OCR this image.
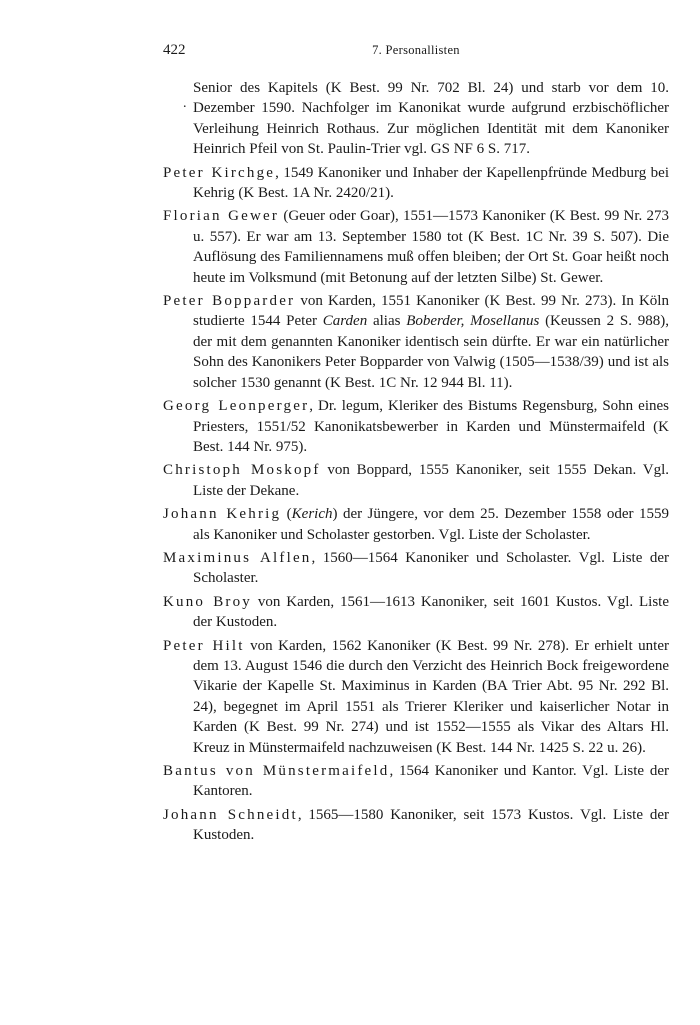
422	7. Personallisten
.

Senior des Kapitels (K Best. 99 Nr. 702 Bl. 24) und starb vor dem 10. Dezember 1590. Nachfolger im Kanonikat wurde aufgrund erzbischöflicher Verleihung Heinrich Rothaus. Zur möglichen Identität mit dem Kanoniker Heinrich Pfeil von St. Paulin-Trier vgl. GS NF 6 S. 717.

Peter Kirchge, 1549 Kanoniker und Inhaber der Kapellenpfründe Medburg bei Kehrig (K Best. 1A Nr. 2420/21).

Florian Gewer (Geuer oder Goar), 1551—1573 Kanoniker (K Best. 99 Nr. 273 u. 557). Er war am 13. September 1580 tot (K Best. 1C Nr. 39 S. 507). Die Auflösung des Familiennamens muß offen bleiben; der Ort St. Goar heißt noch heute im Volksmund (mit Betonung auf der letzten Silbe) St. Gewer.

Peter Bopparder von Karden, 1551 Kanoniker (K Best. 99 Nr. 273). In Köln studierte 1544 Peter Carden alias Boberder, Mosellanus (Keussen 2 S. 988), der mit dem genannten Kanoniker identisch sein dürfte. Er war ein natürlicher Sohn des Kanonikers Peter Bopparder von Valwig (1505—1538/39) und ist als solcher 1530 genannt (K Best. 1C Nr. 12 944 Bl. 11).

Georg Leonperger, Dr. legum, Kleriker des Bistums Regensburg, Sohn eines Priesters, 1551/52 Kanonikatsbewerber in Karden und Münstermaifeld (K Best. 144 Nr. 975).

Christoph Moskopf von Boppard, 1555 Kanoniker, seit 1555 Dekan. Vgl. Liste der Dekane.

Johann Kehrig (Kerich) der Jüngere, vor dem 25. Dezember 1558 oder 1559 als Kanoniker und Scholaster gestorben. Vgl. Liste der Scholaster.

Maximinus Alflen, 1560—1564 Kanoniker und Scholaster. Vgl. Liste der Scholaster.

Kuno Broy von Karden, 1561—1613 Kanoniker, seit 1601 Kustos. Vgl. Liste der Kustoden.

Peter Hilt von Karden, 1562 Kanoniker (K Best. 99 Nr. 278). Er erhielt unter dem 13. August 1546 die durch den Verzicht des Heinrich Bock freigewordene Vikarie der Kapelle St. Maximinus in Karden (BA Trier Abt. 95 Nr. 292 Bl. 24), begegnet im April 1551 als Trierer Kleriker und kaiserlicher Notar in Karden (K Best. 99 Nr. 274) und ist 1552—1555 als Vikar des Altars Hl. Kreuz in Münstermaifeld nachzuweisen (K Best. 144 Nr. 1425 S. 22 u. 26).

Bantus von Münstermaifeld, 1564 Kanoniker und Kantor. Vgl. Liste der Kantoren.

Johann Schneidt, 1565—1580 Kanoniker, seit 1573 Kustos. Vgl. Liste der Kustoden.
